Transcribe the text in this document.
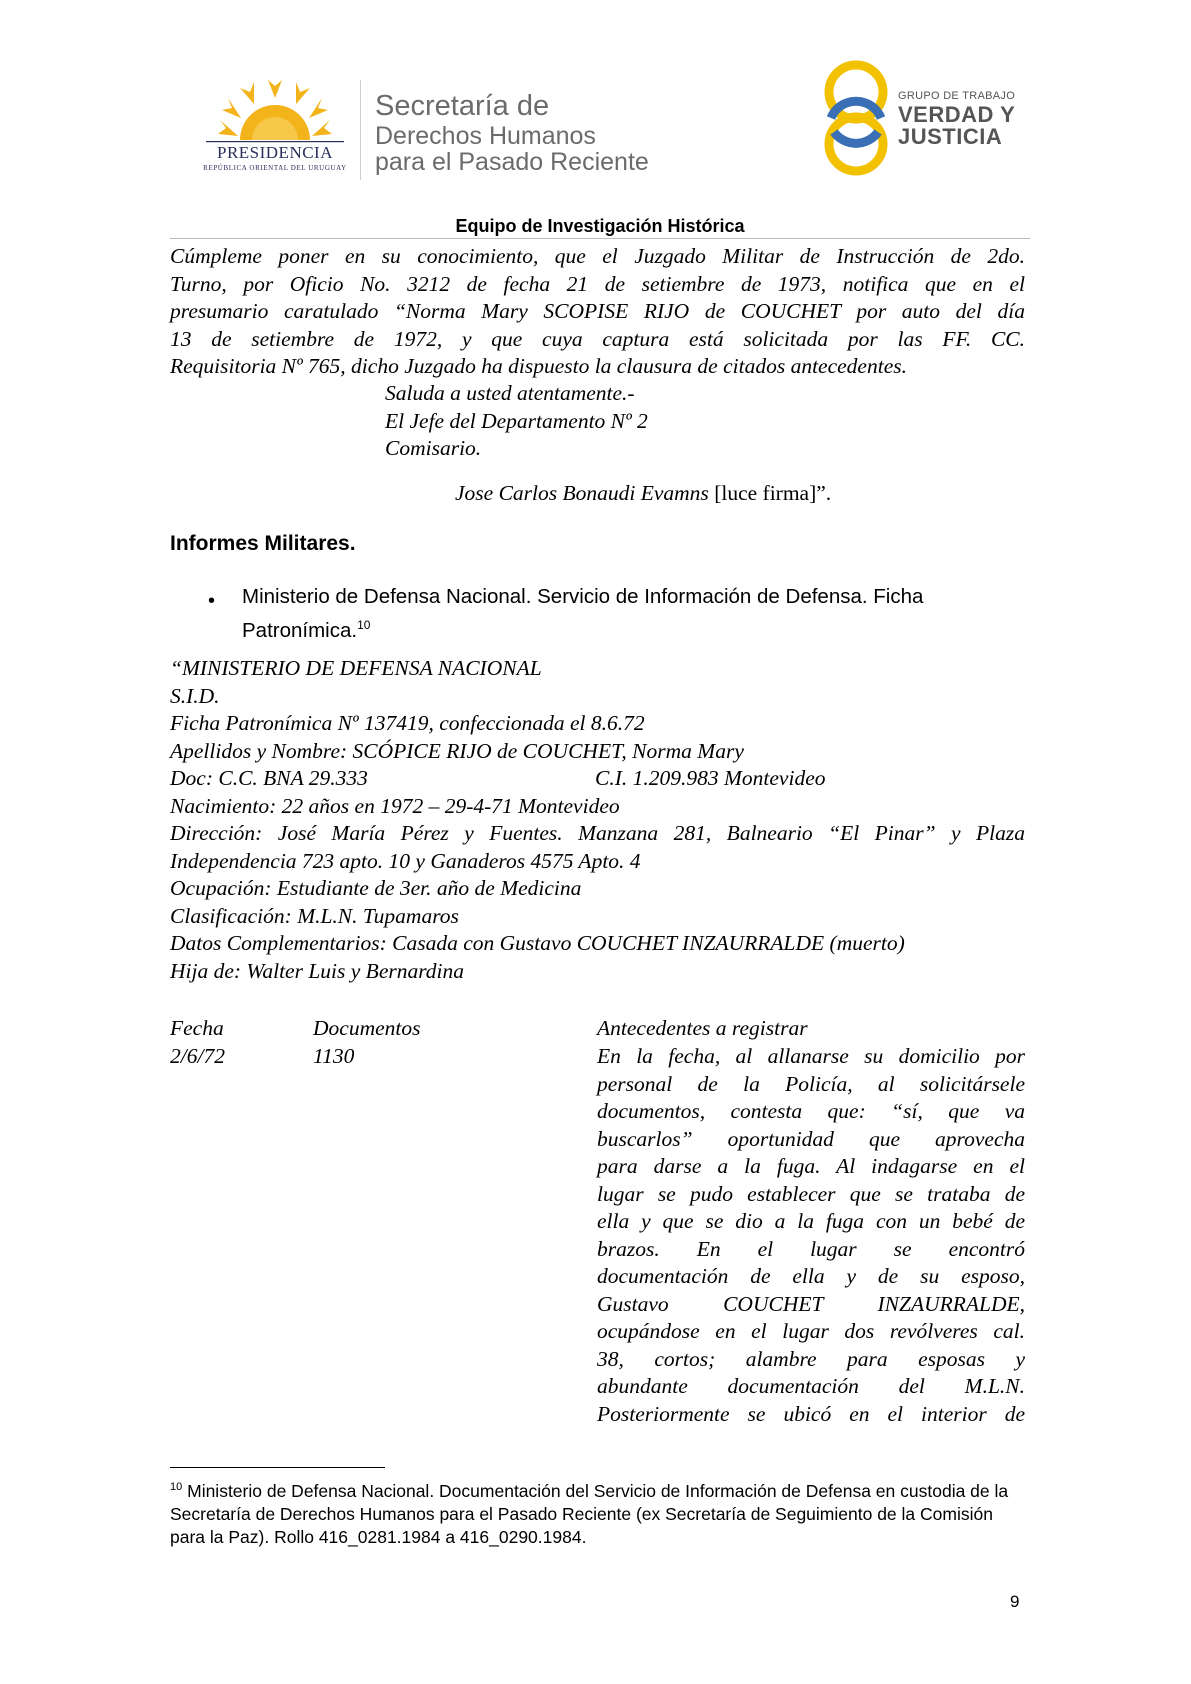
PRESIDENCIA
REPÚBLICA ORIENTAL DEL URUGUAY
Secretaría de
Derechos Humanos
para el Pasado Reciente
GRUPO DE TRABAJO
VERDAD Y
JUSTICIA
Equipo de Investigación Histórica
Cúmpleme poner en su conocimiento, que el Juzgado Militar de Instrucción de 2do.
Turno, por Oficio No. 3212 de fecha 21 de setiembre de 1973, notifica que en el
presumario caratulado “Norma Mary SCOPISE RIJO de COUCHET por auto del día
13 de setiembre de 1972, y que cuya captura está solicitada por las FF. CC.
Requisitoria Nº 765, dicho Juzgado ha dispuesto la clausura de citados antecedentes.
Saluda a usted atentamente.-
El Jefe del Departamento Nº 2
Comisario.
Jose Carlos Bonaudi Evamns [luce firma]”.
Informes Militares.
• Ministerio de Defensa Nacional. Servicio de Información de Defensa. Ficha Patronímica.$^{10}$
“MINISTERIO DE DEFENSA NACIONAL
S.I.D.
Ficha Patronímica Nº 137419, confeccionada el 8.6.72
Apellidos y Nombre: SCÓPICE RIJO de COUCHET, Norma Mary
Doc: C.C. BNA 29.333	C.I. 1.209.983 Montevideo
Nacimiento: 22 años en 1972 – 29-4-71 Montevideo
Dirección: José María Pérez y Fuentes. Manzana 281, Balneario “El Pinar” y Plaza
Independencia 723 apto. 10 y Ganaderos 4575 Apto. 4
Ocupación: Estudiante de 3er. año de Medicina
Clasificación: M.L.N. Tupamaros
Datos Complementarios: Casada con Gustavo COUCHET INZAURRALDE (muerto)
Hija de: Walter Luis y Bernardina
Fecha	Documentos	Antecedentes a registrar
2/6/72	1130	En la fecha, al allanarse su domicilio por
personal de la Policía, al solicitársele
documentos, contesta que: “sí, que va
buscarlos” oportunidad que aprovecha
para darse a la fuga. Al indagarse en el
lugar se pudo establecer que se trataba de
ella y que se dio a la fuga con un bebé de
brazos. En el lugar se encontró
documentación de ella y de su esposo,
Gustavo COUCHET INZAURRALDE,
ocupándose en el lugar dos revólveres cal.
38, cortos; alambre para esposas y
abundante documentación del M.L.N.
Posteriormente se ubicó en el interior de
$^{10}$ Ministerio de Defensa Nacional. Documentación del Servicio de Información de Defensa en custodia de la Secretaría de Derechos Humanos para el Pasado Reciente (ex Secretaría de Seguimiento de la Comisión para la Paz). Rollo 416_0281.1984 a 416_0290.1984.
9
